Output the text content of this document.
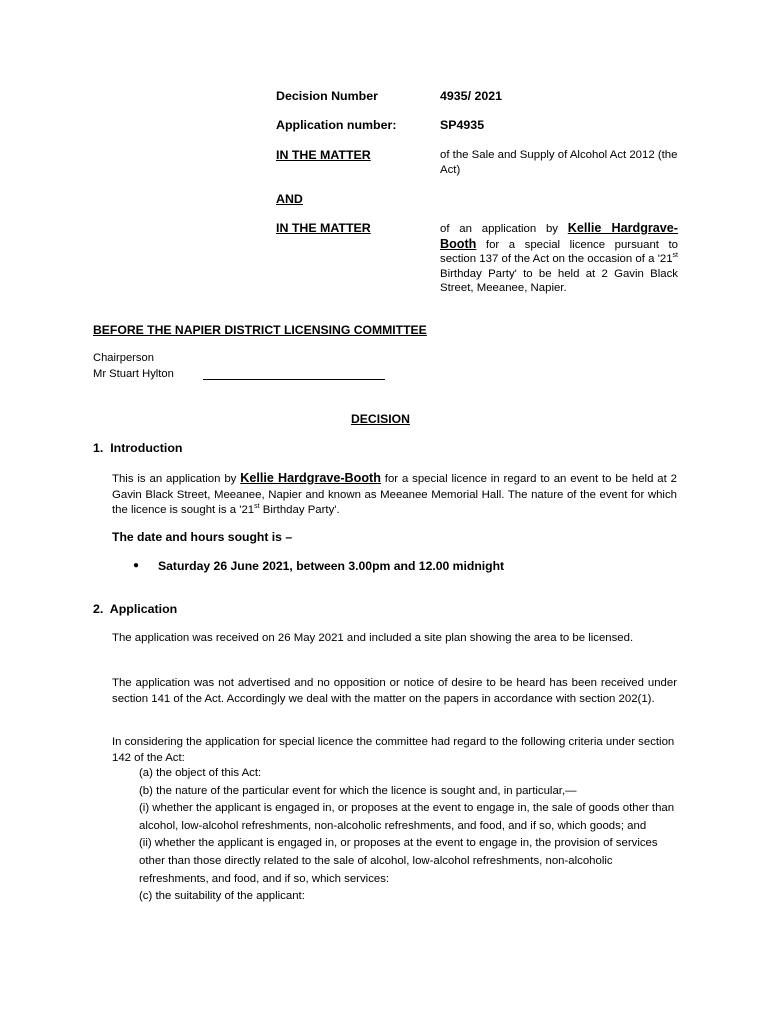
Decision Number	4935/ 2021
Application number:	SP4935
IN THE MATTER	of the Sale and Supply of Alcohol Act 2012 (the Act)
AND
IN THE MATTER	of an application by Kellie Hardgrave-Booth for a special licence pursuant to section 137 of the Act on the occasion of a '21st Birthday Party' to be held at 2 Gavin Black Street, Meeanee, Napier.
BEFORE THE NAPIER DISTRICT LICENSING COMMITTEE
Chairperson
Mr Stuart Hylton
DECISION
1.  Introduction
This is an application by Kellie Hardgrave-Booth for a special licence in regard to an event to be held at 2 Gavin Black Street, Meeanee, Napier and known as Meeanee Memorial Hall. The nature of the event for which the licence is sought is a '21st Birthday Party'.
The date and hours sought is –
● Saturday 26 June 2021, between 3.00pm and 12.00 midnight
2.  Application
The application was received on 26 May 2021 and included a site plan showing the area to be licensed.
The application was not advertised and no opposition or notice of desire to be heard has been received under section 141 of the Act. Accordingly we deal with the matter on the papers in accordance with section 202(1).
In considering the application for special licence the committee had regard to the following criteria under section 142 of the Act:

(a) the object of this Act:

(b) the nature of the particular event for which the licence is sought and, in particular,—

(i) whether the applicant is engaged in, or proposes at the event to engage in, the sale of goods other than alcohol, low-alcohol refreshments, non-alcoholic refreshments, and food, and if so, which goods; and

(ii) whether the applicant is engaged in, or proposes at the event to engage in, the provision of services other than those directly related to the sale of alcohol, low-alcohol refreshments, non-alcoholic refreshments, and food, and if so, which services:

(c) the suitability of the applicant:
